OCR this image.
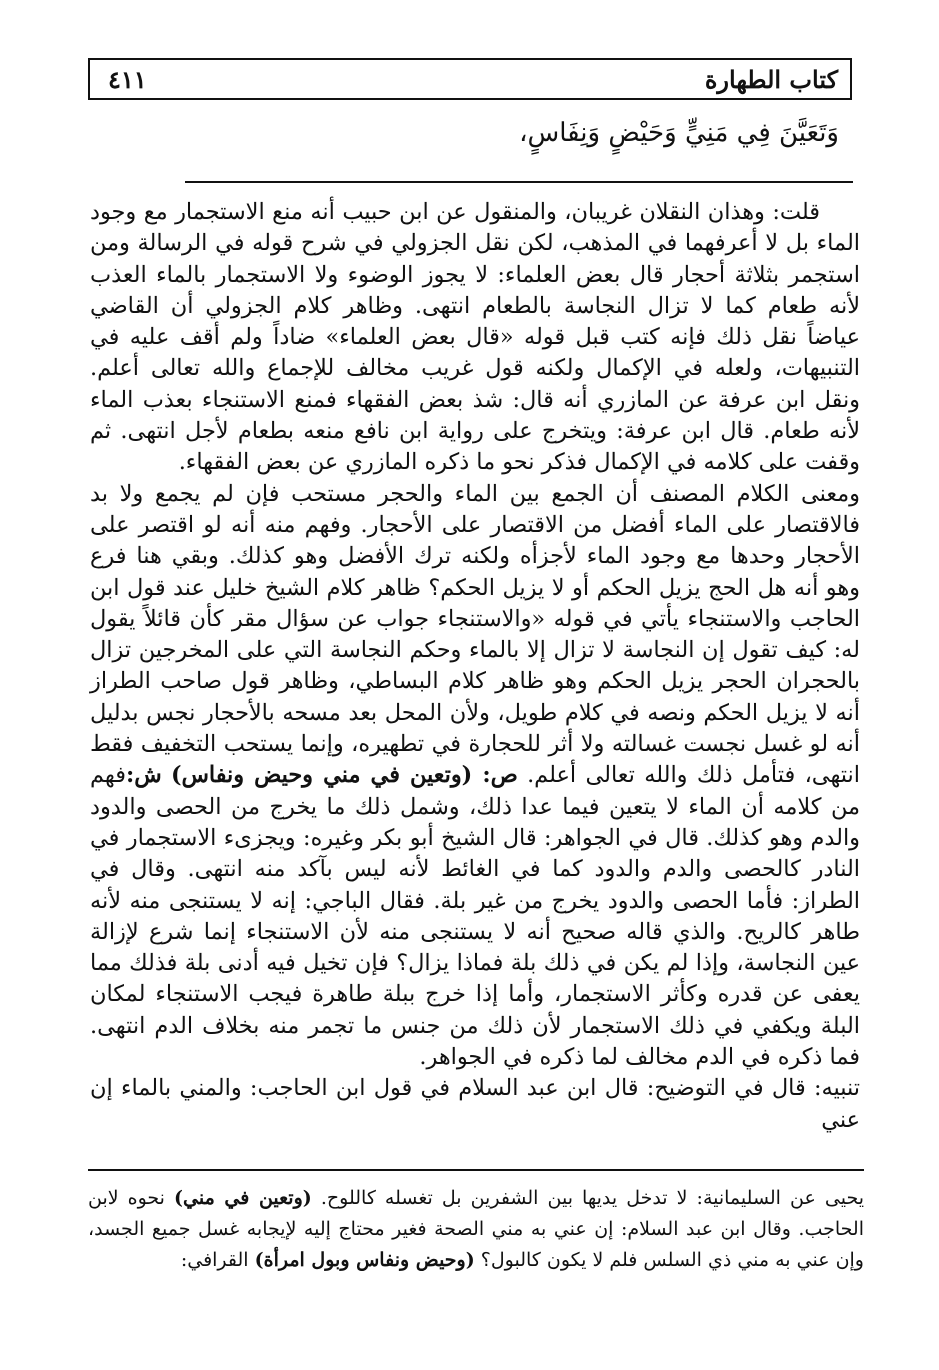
كتاب الطهارة
٤١١
وَتَعَيَّنَ فِي مَنِيٍّ وَحَيْضٍ وَنِفَاسٍ،

قلت: وهذان النقلان غريبان، والمنقول عن ابن حبيب أنه منع الاستجمار مع وجود الماء بل لا أعرفهما في المذهب، لكن نقل الجزولي في شرح قوله في الرسالة ومن استجمر بثلاثة أحجار قال بعض العلماء: لا يجوز الوضوء ولا الاستجمار بالماء العذب لأنه طعام كما لا تزال النجاسة بالطعام انتهى. وظاهر كلام الجزولي أن القاضي عياضاً نقل ذلك فإنه كتب قبل قوله «قال بعض العلماء» ضاداً ولم أقف عليه في التنبيهات، ولعله في الإكمال ولكنه قول غريب مخالف للإجماع والله تعالى أعلم. ونقل ابن عرفة عن المازري أنه قال: شذ بعض الفقهاء فمنع الاستنجاء بعذب الماء لأنه طعام. قال ابن عرفة: ويتخرج على رواية ابن نافع منعه بطعام لأجل انتهى. ثم وقفت على كلامه في الإكمال فذكر نحو ما ذكره المازري عن بعض الفقهاء.

ومعنى الكلام المصنف أن الجمع بين الماء والحجر مستحب فإن لم يجمع ولا بد فالاقتصار على الماء أفضل من الاقتصار على الأحجار. وفهم منه أنه لو اقتصر على الأحجار وحدها مع وجود الماء لأجزأه ولكنه ترك الأفضل وهو كذلك. وبقي هنا فرع وهو أنه هل الحج يزيل الحكم أو لا يزيل الحكم؟ ظاهر كلام الشيخ خليل عند قول ابن الحاجب والاستنجاء يأتي في قوله «والاستنجاء جواب عن سؤال مقر كأن قائلاً يقول له: كيف تقول إن النجاسة لا تزال إلا بالماء وحكم النجاسة التي على المخرجين تزال بالحجران الحجر يزيل الحكم وهو ظاهر كلام البساطي، وظاهر قول صاحب الطراز أنه لا يزيل الحكم ونصه في كلام طويل، ولأن المحل بعد مسحه بالأحجار نجس بدليل أنه لو غسل نجست غسالته ولا أثر للحجارة في تطهيره، وإنما يستحب التخفيف فقط انتهى، فتأمل ذلك والله تعالى أعلم. ص: (وتعين في مني وحيض ونفاس) ش:فهم من كلامه أن الماء لا يتعين فيما عدا ذلك، وشمل ذلك ما يخرج من الحصى والدود والدم وهو كذلك. قال في الجواهر: قال الشيخ أبو بكر وغيره: ويجزىء الاستجمار في النادر كالحصى والدم والدود كما في الغائط لأنه ليس بآكد منه انتهى. وقال في الطراز: فأما الحصى والدود يخرج من غير بلة. فقال الباجي: إنه لا يستنجى منه لأنه طاهر كالريح. والذي قاله صحيح أنه لا يستنجى منه لأن الاستنجاء إنما شرع لإزالة عين النجاسة، وإذا لم يكن في ذلك بلة فماذا يزال؟ فإن تخيل فيه أدنى بلة فذلك مما يعفى عن قدره وكأثر الاستجمار، وأما إذا خرج ببلة طاهرة فيجب الاستنجاء لمكان البلة ويكفي في ذلك الاستجمار لأن ذلك من جنس ما تجمر منه بخلاف الدم انتهى. فما ذكره في الدم مخالف لما ذكره في الجواهر.

تنبيه: قال في التوضيح: قال ابن عبد السلام في قول ابن الحاجب: والمني بالماء إن عني

يحيى عن السليمانية: لا تدخل يديها بين الشفرين بل تغسله كاللوح. (وتعين في مني) نحوه لابن الحاجب. وقال ابن عبد السلام: إن عني به مني الصحة فغير محتاج إليه لإيجابه غسل جميع الجسد، وإن عني به مني ذي السلس فلم لا يكون كالبول؟ (وحيض ونفاس وبول امرأة) القرافي:
